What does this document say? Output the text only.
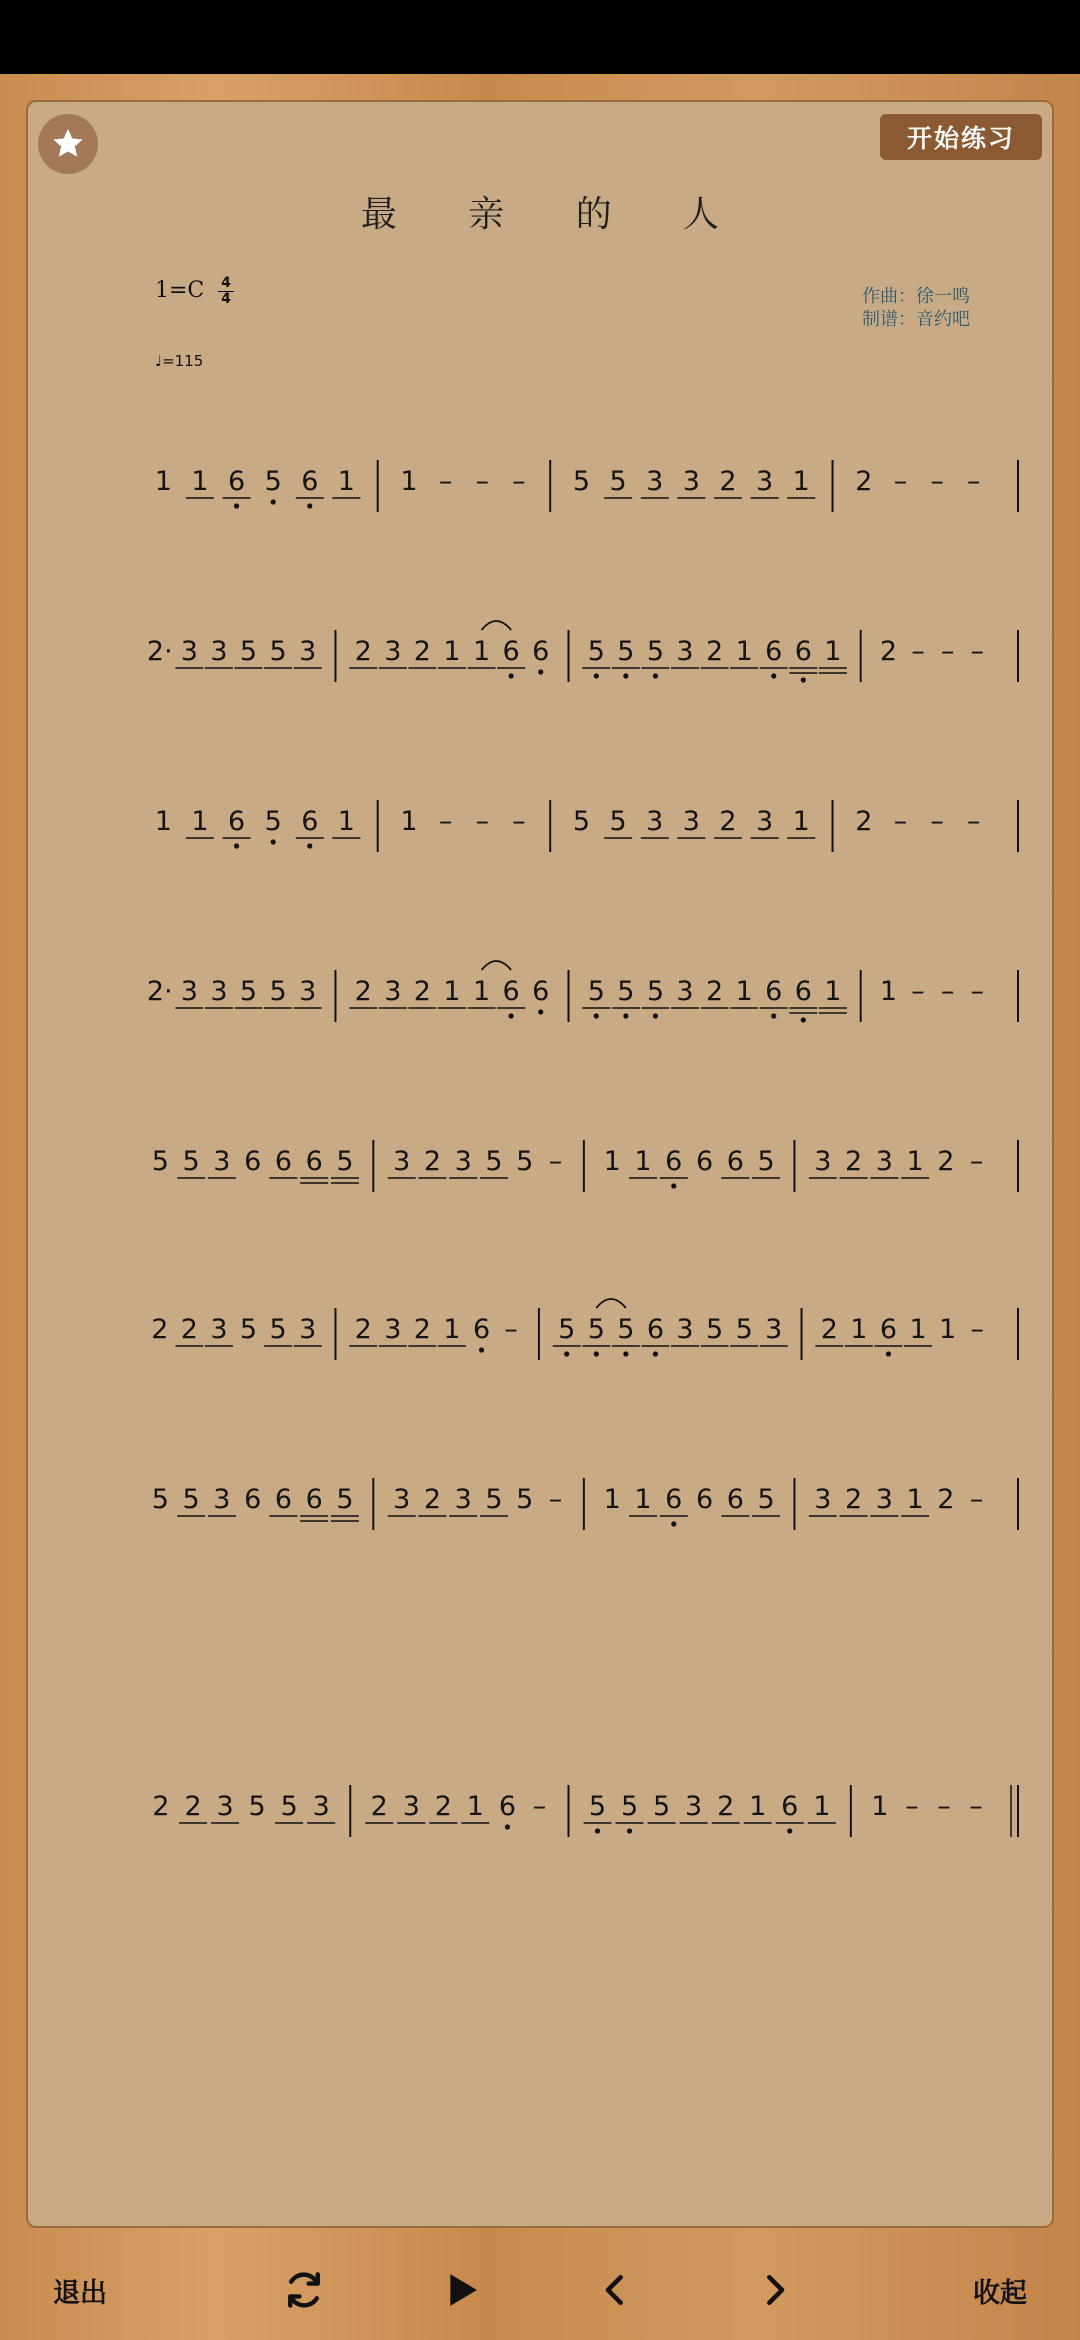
开始练习
最 亲 的 人
1=C 4
4
♩=115
作曲：徐一鸣
制谱：音约吧
1 1 6 5 6 1 1 – – – 5 5 3 3 2 3 1 2 – – –
2· 3 3 5 5 3 2 3 2 1 1 6 6 5 5 5 3 2 1 6 6 1 2 – – –
1 1 6 5 6 1 1 – – – 5 5 3 3 2 3 1 2 – – –
2· 3 3 5 5 3 2 3 2 1 1 6 6 5 5 5 3 2 1 6 6 1 1 – – –
5 5 3 6 6 6 5 3 2 3 5 5 – 1 1 6 6 6 5 3 2 3 1 2 –
2 2 3 5 5 3 2 3 2 1 6 – 5 5 5 6 3 5 5 3 2 1 6 1 1 –
5 5 3 6 6 6 5 3 2 3 5 5 – 1 1 6 6 6 5 3 2 3 1 2 –
2 2 3 5 5 3 2 3 2 1 6 – 5 5 5 3 2 1 6 1 1 – – –
退出	收起
